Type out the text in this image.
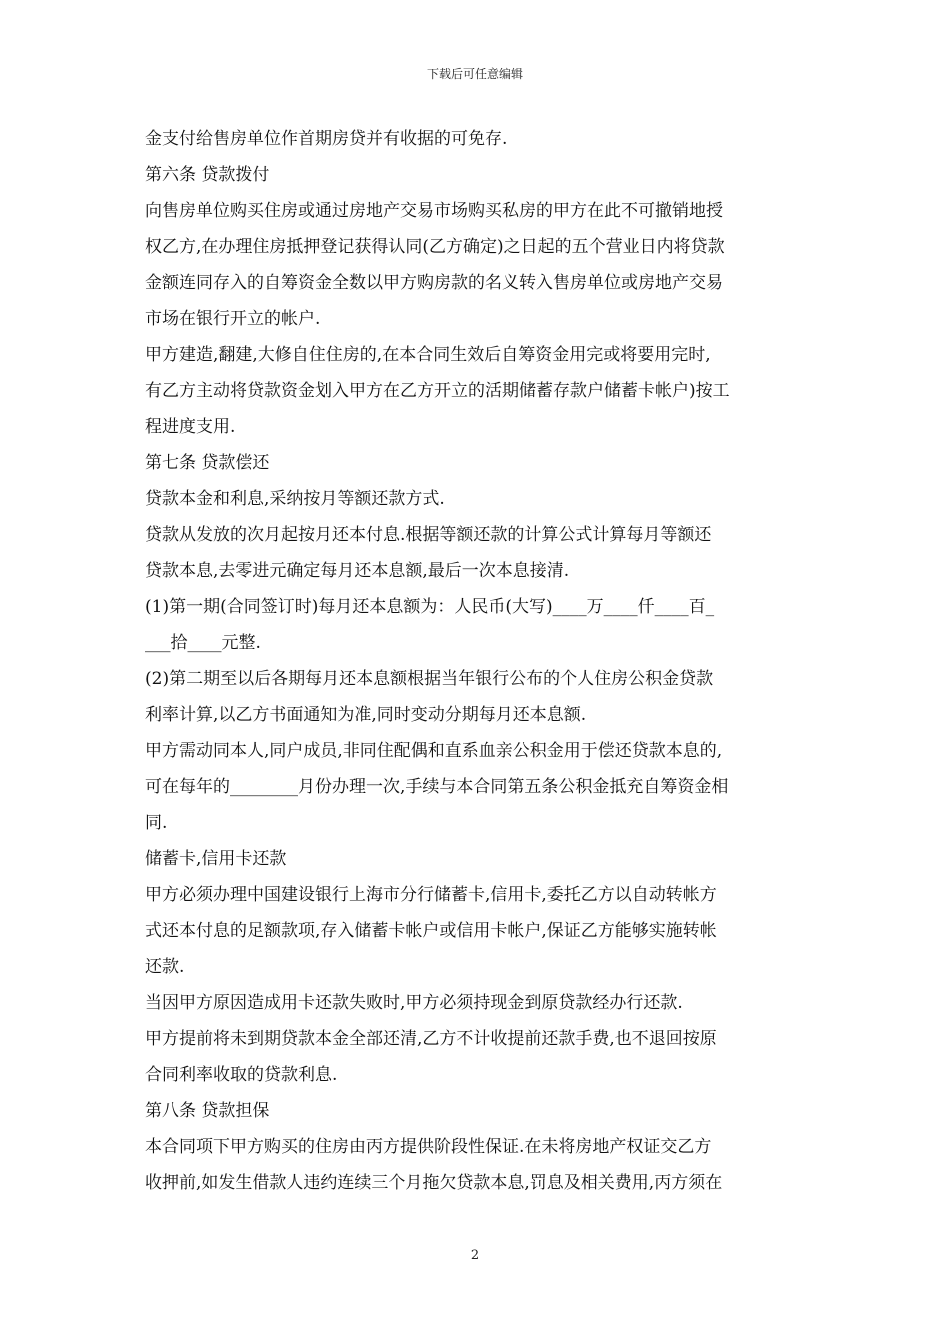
下载后可任意编辑
金支付给售房单位作首期房贷并有收据的可免存.
第六条 贷款拨付
向售房单位购买住房或通过房地产交易市场购买私房的甲方在此不可撤销地授
权乙方,在办理住房抵押登记获得认同(乙方确定)之日起的五个营业日内将贷款
金额连同存入的自筹资金全数以甲方购房款的名义转入售房单位或房地产交易
市场在银行开立的帐户.
甲方建造,翻建,大修自住住房的,在本合同生效后自筹资金用完或将要用完时,
有乙方主动将贷款资金划入甲方在乙方开立的活期储蓄存款户储蓄卡帐户)按工
程进度支用.
第七条 贷款偿还
贷款本金和利息,采纳按月等额还款方式.
贷款从发放的次月起按月还本付息.根据等额还款的计算公式计算每月等额还
贷款本息,去零进元确定每月还本息额,最后一次本息接清.
(1)第一期(合同签订时)每月还本息额为：人民币(大写)____万____仟____百_
___拾____元整.
(2)第二期至以后各期每月还本息额根据当年银行公布的个人住房公积金贷款
利率计算,以乙方书面通知为准,同时变动分期每月还本息额.
甲方需动同本人,同户成员,非同住配偶和直系血亲公积金用于偿还贷款本息的,
可在每年的________月份办理一次,手续与本合同第五条公积金抵充自筹资金相
同.
储蓄卡,信用卡还款
甲方必须办理中国建设银行上海市分行储蓄卡,信用卡,委托乙方以自动转帐方
式还本付息的足额款项,存入储蓄卡帐户或信用卡帐户,保证乙方能够实施转帐
还款.
当因甲方原因造成用卡还款失败时,甲方必须持现金到原贷款经办行还款.
甲方提前将未到期贷款本金全部还清,乙方不计收提前还款手费,也不退回按原
合同利率收取的贷款利息.
第八条 贷款担保
本合同项下甲方购买的住房由丙方提供阶段性保证.在未将房地产权证交乙方
收押前,如发生借款人违约连续三个月拖欠贷款本息,罚息及相关费用,丙方须在
2
